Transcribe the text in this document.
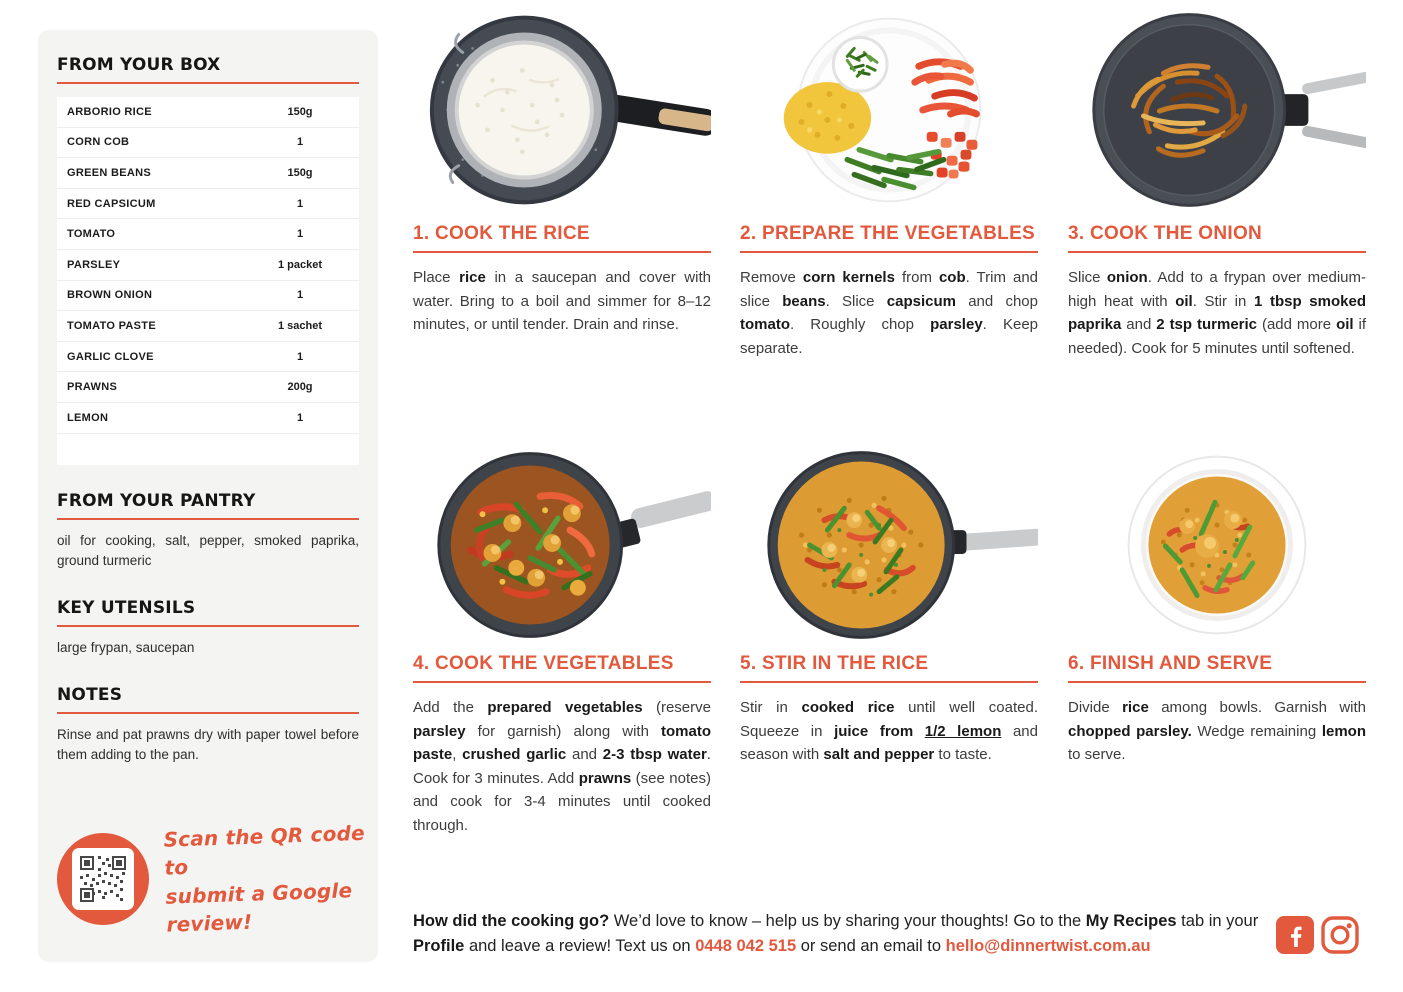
FROM YOUR BOX
ARBORIO RICE	150g
CORN COB	1
GREEN BEANS	150g
RED CAPSICUM	1
TOMATO	1
PARSLEY	1 packet
BROWN ONION	1
TOMATO PASTE	1 sachet
GARLIC CLOVE	1
PRAWNS	200g
LEMON	1
FROM YOUR PANTRY

oil for cooking, salt, pepper, smoked paprika, ground turmeric

KEY UTENSILS

large frypan, saucepan

NOTES

Rinse and pat prawns dry with paper towel before them adding to the pan.

Scan the QR code to
submit a Google review!
1. COOK THE RICE
Place rice in a saucepan and cover with water. Bring to a boil and simmer for 8–12 minutes, or until tender. Drain and rinse.
2. PREPARE THE VEGETABLES
Remove corn kernels from cob. Trim and slice beans. Slice capsicum and chop tomato. Roughly chop parsley. Keep separate.
3. COOK THE ONION
Slice onion. Add to a frypan over medium-high heat with oil. Stir in 1 tbsp smoked paprika and 2 tsp turmeric (add more oil if needed). Cook for 5 minutes until softened.
4. COOK THE VEGETABLES
Add the prepared vegetables (reserve parsley for garnish) along with tomato paste, crushed garlic and 2-3 tbsp water. Cook for 3 minutes. Add prawns (see notes) and cook for 3-4 minutes until cooked through.
5. STIR IN THE RICE
Stir in cooked rice until well coated. Squeeze in juice from 1/2 lemon and season with salt and pepper to taste.
6. FINISH AND SERVE
Divide rice among bowls. Garnish with chopped parsley. Wedge remaining lemon to serve.

How did the cooking go? We’d love to know – help us by sharing your thoughts! Go to the My Recipes tab in your Profile and leave a review! Text us on 0448 042 515 or send an email to hello@dinnertwist.com.au
